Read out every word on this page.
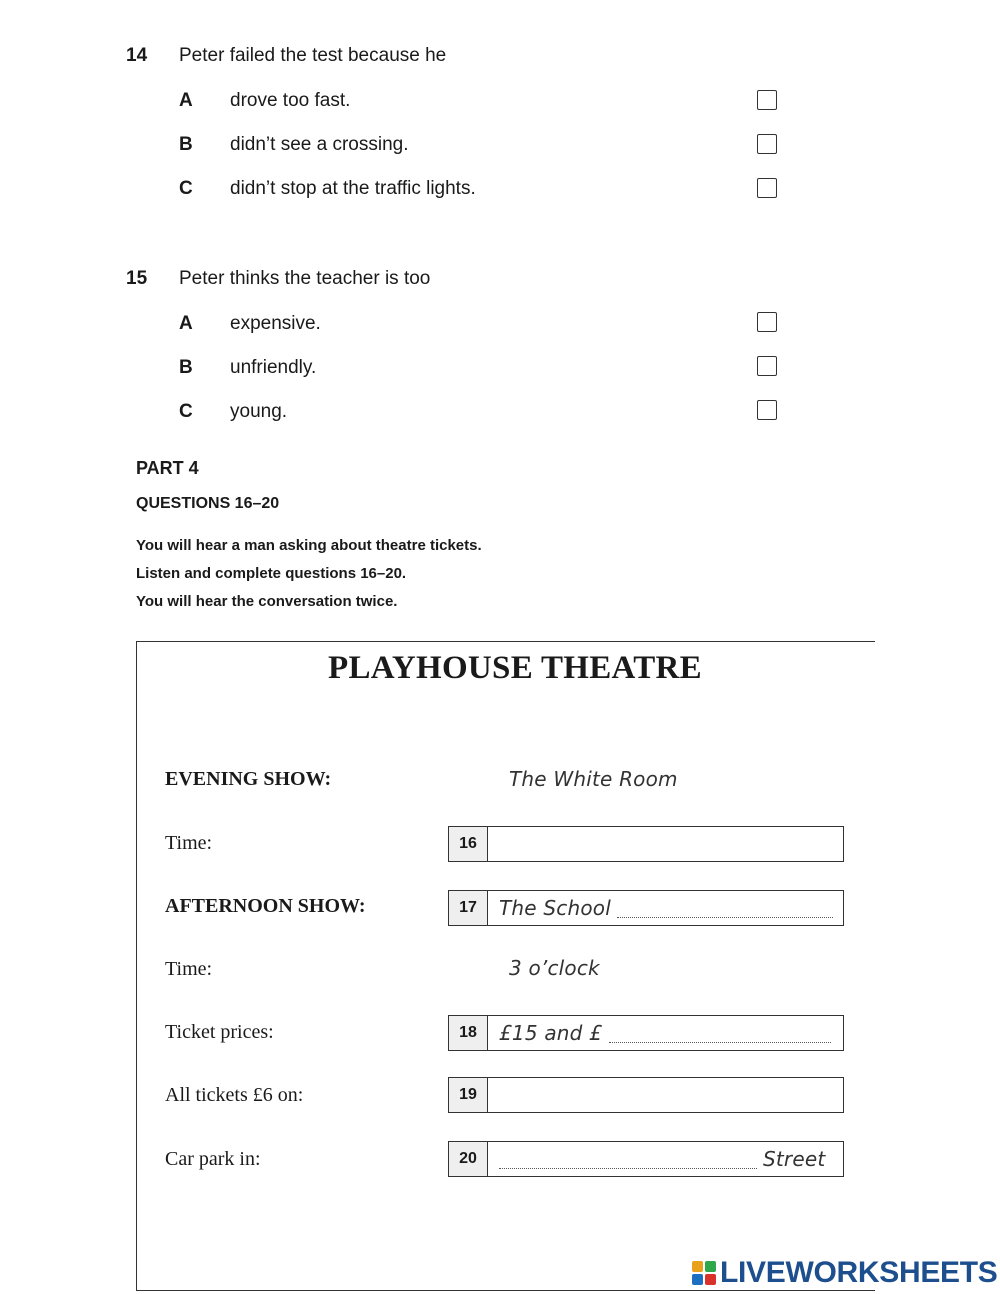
14 Peter failed the test because he
A drove too fast.
B didn’t see a crossing.
C didn’t stop at the traffic lights.
15 Peter thinks the teacher is too
A expensive.
B unfriendly.
C young.
PART 4
QUESTIONS 16–20
You will hear a man asking about theatre tickets.
Listen and complete questions 16–20.
You will hear the conversation twice.
PLAYHOUSE THEATRE
EVENING SHOW:	The White Room
Time:	16
AFTERNOON SHOW:	17	The School
Time:	3 o’clock
Ticket prices:	18	£15 and £
All tickets £6 on:	19
Car park in:	20	Street
LIVEWORKSHEETS
